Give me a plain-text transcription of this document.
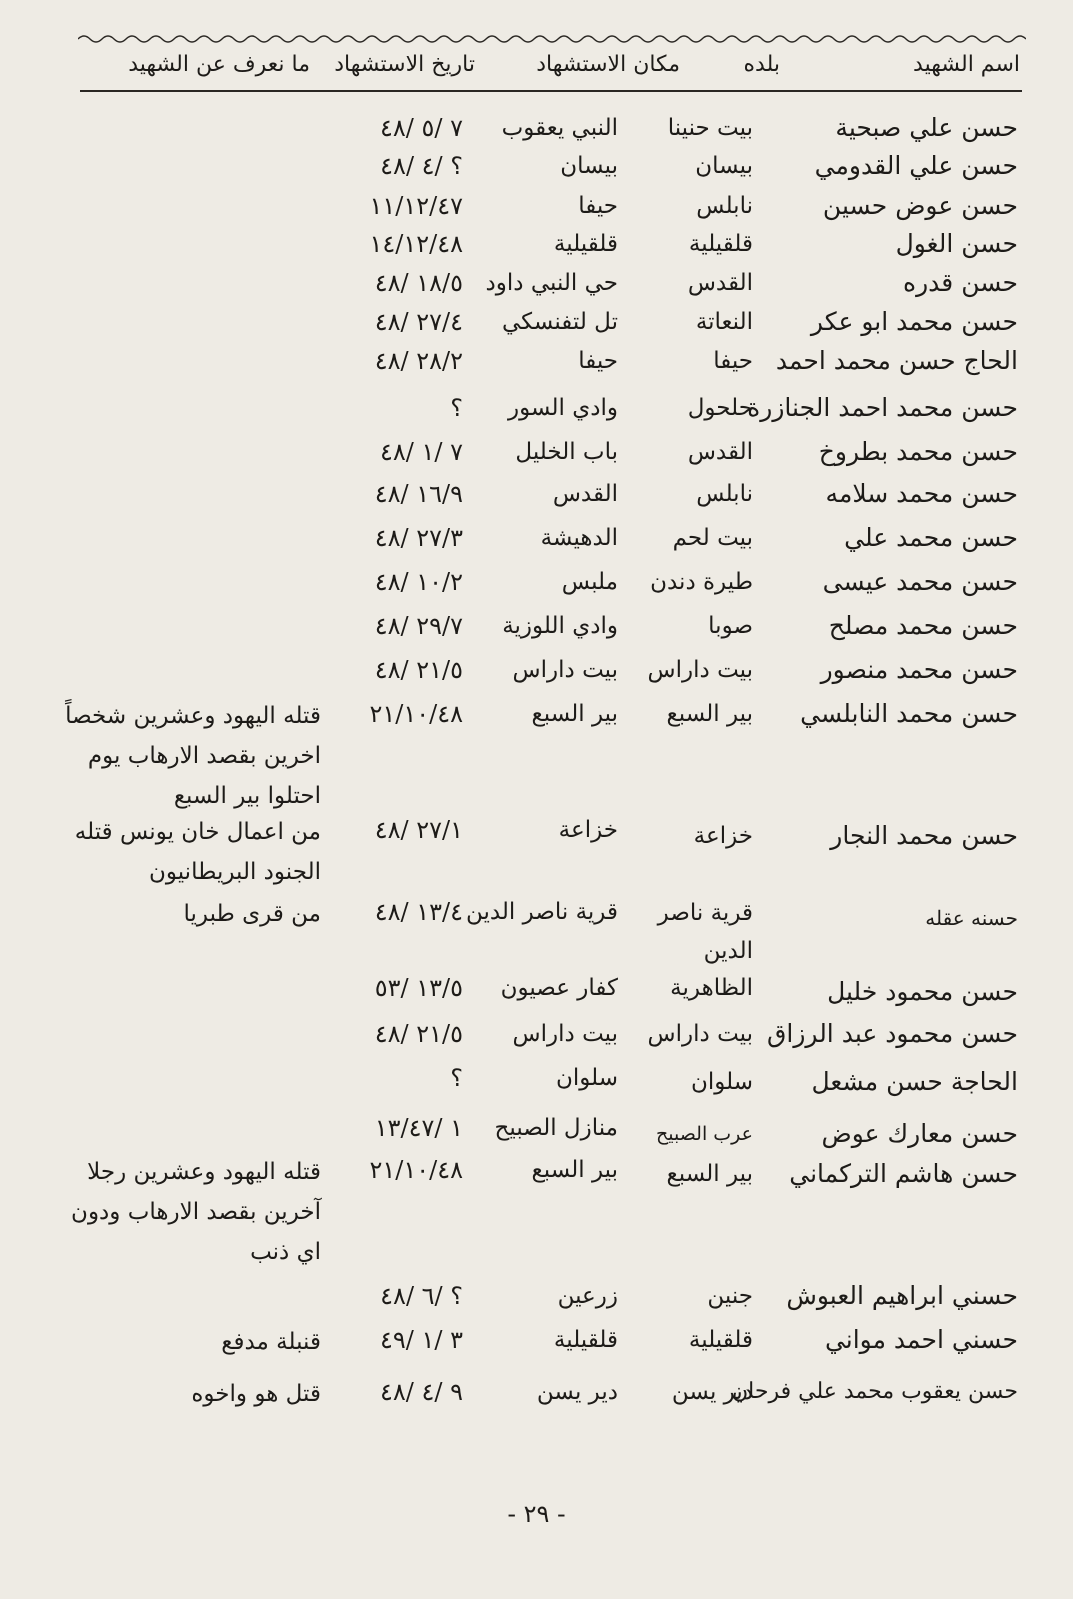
اسم الشهيد
بلده
مكان الاستشهاد
تاريخ الاستشهاد
ما نعرف عن الشهيد
حسن علي صبحية
بيت حنينا
النبي يعقوب
٧ /٥ /٤٨
حسن علي القدومي
بيسان
بيسان
؟ /٤ /٤٨
حسن عوض حسين
نابلس
حيفا
١١/١٢/٤٧
حسن الغول
قلقيلية
قلقيلية
١٤/١٢/٤٨
حسن قدره
القدس
حي النبي داود
١٨/٥ /٤٨
حسن محمد ابو عكر
النعاتة
تل لتفنسكي
٢٧/٤ /٤٨
الحاج حسن محمد احمد
حيفا
حيفا
٢٨/٢ /٤٨
حسن محمد احمد الجنازرة
حلحول
وادي السور
؟
حسن محمد بطروخ
القدس
باب الخليل
٧ /١ /٤٨
حسن محمد سلامه
نابلس
القدس
١٦/٩ /٤٨
حسن محمد علي
بيت لحم
الدهيشة
٢٧/٣ /٤٨
حسن محمد عيسى
طيرة دندن
ملبس
١٠/٢ /٤٨
حسن محمد مصلح
صوبا
وادي اللوزية
٢٩/٧ /٤٨
حسن محمد منصور
بيت داراس
بيت داراس
٢١/٥ /٤٨
حسن محمد النابلسي
بير السبع
بير السبع
٢١/١٠/٤٨
قتله اليهود وعشرين شخصاً اخرين بقصد الارهاب يوم احتلوا بير السبع
حسن محمد النجار
خزاعة
خزاعة
٢٧/١ /٤٨
من اعمال خان يونس قتله الجنود البريطانيون
حسنه عقله
قرية ناصر الدين
قرية ناصر الدين
١٣/٤ /٤٨
من قرى طبريا
حسن محمود خليل
الظاهرية
كفار عصيون
١٣/٥ /٥٣
حسن محمود عبد الرزاق
بيت داراس
بيت داراس
٢١/٥ /٤٨
الحاجة حسن مشعل
سلوان
سلوان
؟
حسن معارك عوض
عرب الصبيح
منازل الصبيح
١ /١٣/٤٧
حسن هاشم التركماني
بير السبع
بير السبع
٢١/١٠/٤٨
قتله اليهود وعشرين رجلا آخرين بقصد الارهاب ودون اي ذنب
حسني ابراهيم العبوش
جنين
زرعين
؟ /٦ /٤٨
حسني احمد مواني
قلقيلية
قلقيلية
٣ /١ /٤٩
قنبلة مدفع
حسن يعقوب محمد علي فرحان
دير يسن
دير يسن
٩ /٤ /٤٨
قتل هو واخوه
- ٢٩ -
